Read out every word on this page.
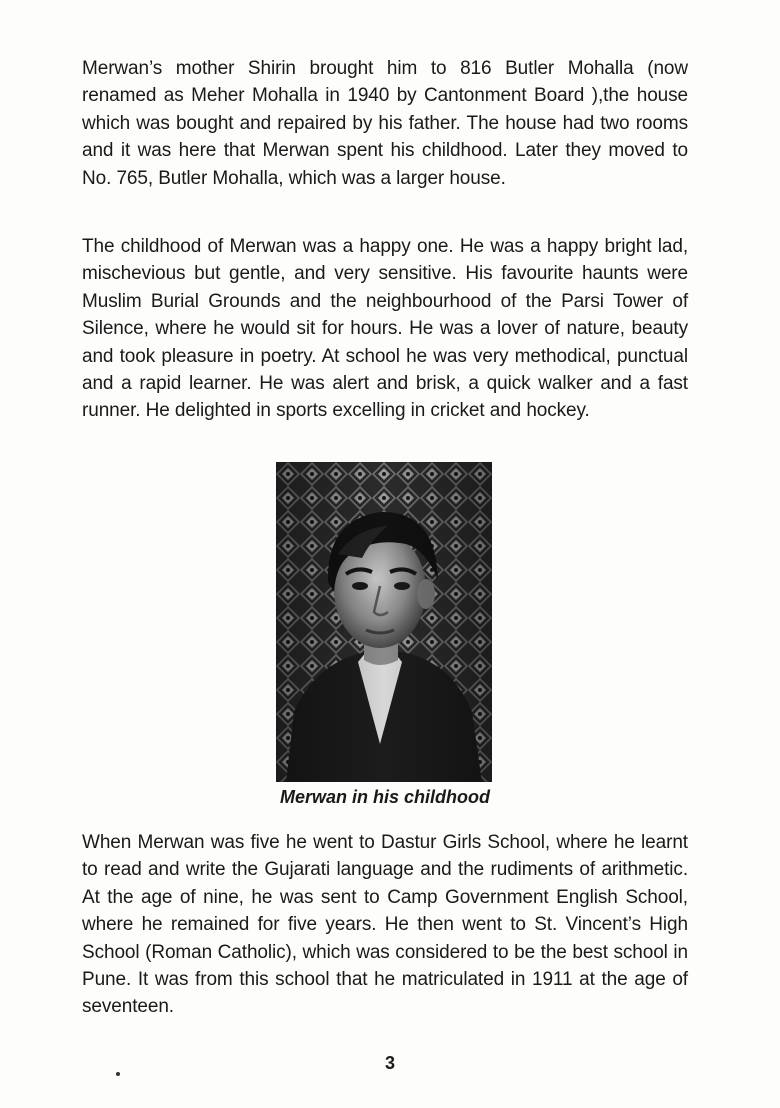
Merwan’s mother Shirin brought him to 816 Butler Mohalla (now renamed as Meher Mohalla in 1940 by Cantonment Board ),the house which was bought and repaired by his father. The house had two rooms and it was here that Merwan spent his childhood. Later they moved to No. 765, Butler Mohalla, which was a larger house.

The childhood of Merwan was a happy one. He was a happy bright lad, mischevious but gentle, and very sensitive. His favourite haunts were Muslim Burial Grounds and the neighbourhood of the Parsi Tower of Silence, where he would sit for hours. He was a lover of nature, beauty and took pleasure in poetry. At school he was very methodical, punctual and a rapid learner. He was alert and brisk, a quick walker and a fast runner. He delighted in sports excelling in cricket and hockey.

Merwan in his childhood

When Merwan was five he went to Dastur Girls School, where he learnt to read and write the Gujarati language and the rudiments of arithmetic. At the age of nine, he was sent to Camp Government English School, where he remained for five years. He then went to St. Vincent’s High School (Roman Catholic), which was considered to be the best school in Pune. It was from this school that he matriculated in 1911 at the age of seventeen.

3
